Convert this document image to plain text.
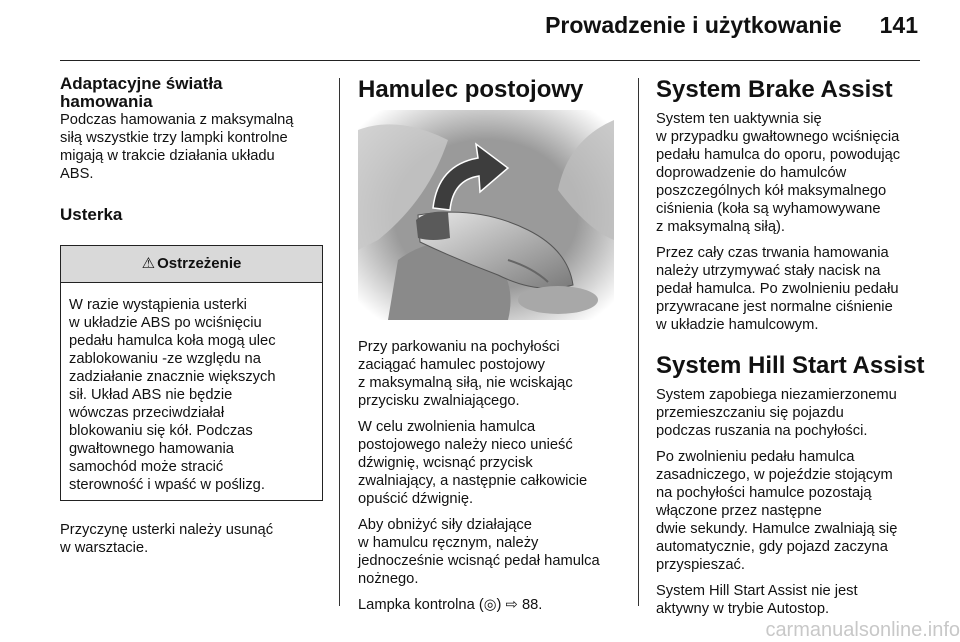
Prowadzenie i użytkowanie 141
Adaptacyjne światła
hamowania

Podczas hamowania z maksymalną
siłą wszystkie trzy lampki kontrolne
migają w trakcie działania układu
ABS.

Usterka
⚠ Ostrzeżenie

W razie wystąpienia usterki
w układzie ABS po wciśnięciu
pedału hamulca koła mogą ulec
zablokowaniu -ze względu na
zadziałanie znacznie większych
sił. Układ ABS nie będzie
wówczas przeciwdziałał
blokowaniu się kół. Podczas
gwałtownego hamowania
samochód może stracić
sterowność i wpaść w poślizg.

Przyczynę usterki należy usunąć
w warsztacie.

Hamulec postojowy

Przy parkowaniu na pochyłości
zaciągać hamulec postojowy
z maksymalną siłą, nie wciskając
przycisku zwalniającego.

W celu zwolnienia hamulca
postojowego należy nieco unieść
dźwignię, wcisnąć przycisk
zwalniający, a następnie całkowicie
opuścić dźwignię.

Aby obniżyć siły działające
w hamulcu ręcznym, należy
jednocześnie wcisnąć pedał hamulca
nożnego.

Lampka kontrolna (◎) ⇨ 88.

System Brake Assist

System ten uaktywnia się
w przypadku gwałtownego wciśnięcia
pedału hamulca do oporu, powodując
doprowadzenie do hamulców
poszczególnych kół maksymalnego
ciśnienia (koła są wyhamowywane
z maksymalną siłą).

Przez cały czas trwania hamowania
należy utrzymywać stały nacisk na
pedał hamulca. Po zwolnieniu pedału
przywracane jest normalne ciśnienie
w układzie hamulcowym.

System Hill Start Assist

System zapobiega niezamierzonemu
przemieszczaniu się pojazdu
podczas ruszania na pochyłości.

Po zwolnieniu pedału hamulca
zasadniczego, w pojeździe stojącym
na pochyłości hamulce pozostają
włączone przez następne
dwie sekundy. Hamulce zwalniają się
automatycznie, gdy pojazd zaczyna
przyspieszać.

System Hill Start Assist nie jest
aktywny w trybie Autostop.

carmanualsonline.info
